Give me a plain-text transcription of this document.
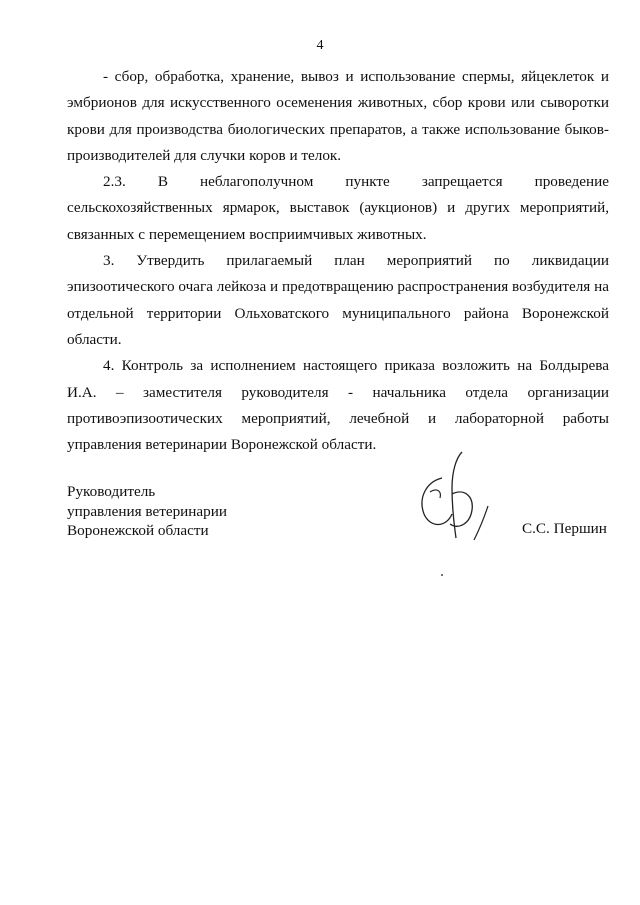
4

- сбор, обработка, хранение, вывоз и использование спермы, яйцеклеток и эмбрионов для искусственного осеменения животных, сбор крови или сыворотки крови для производства биологических препаратов, а также использование быков-производителей для случки коров и телок.

2.3. В неблагополучном пункте запрещается проведение сельскохозяйственных ярмарок, выставок (аукционов) и других мероприятий, связанных с перемещением восприимчивых животных.

3. Утвердить прилагаемый план мероприятий по ликвидации эпизоотического очага лейкоза и предотвращению распространения возбудителя на отдельной территории Ольховатского муниципального района Воронежской области.

4. Контроль за исполнением настоящего приказа возложить на Болдырева И.А. – заместителя руководителя - начальника отдела организации противоэпизоотических мероприятий, лечебной и лабораторной работы управления ветеринарии Воронежской области.

Руководитель
управления ветеринарии
Воронежской области	С.С. Першин
